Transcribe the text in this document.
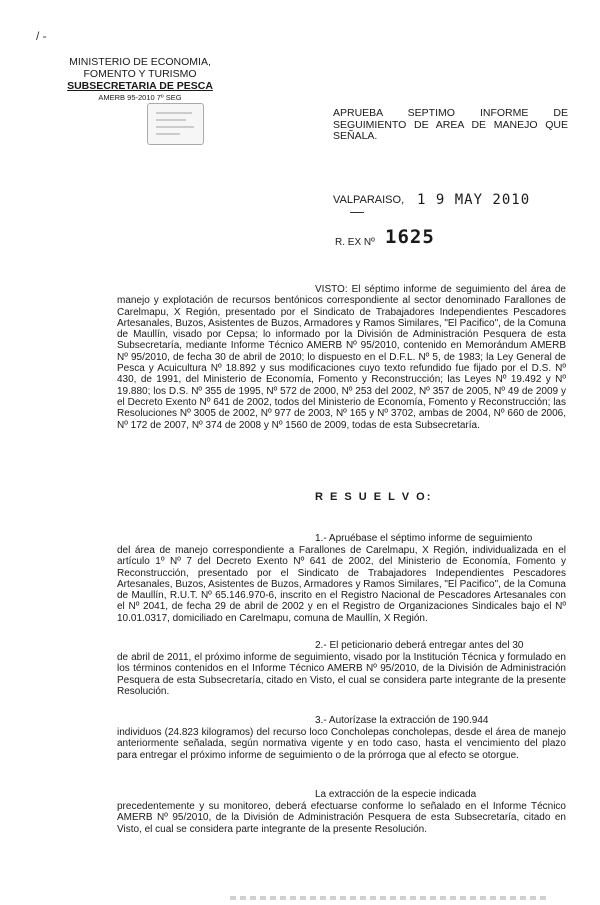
/ -
MINISTERIO DE ECONOMIA,
FOMENTO Y TURISMO
SUBSECRETARIA DE PESCA
AMERB 95-2010 7º SEG
APRUEBA SEPTIMO INFORME DE SEGUIMIENTO DE AREA DE MANEJO QUE SEÑALA.
VALPARAISO, 1 9 MAY 2010
R. EX Nº 1625
VISTO: El séptimo informe de seguimiento del área de manejo y explotación de recursos bentónicos correspondiente al sector denominado Farallones de Carelmapu, X Región, presentado por el Sindicato de Trabajadores Independientes Pescadores Artesanales, Buzos, Asistentes de Buzos, Armadores y Ramos Similares, "El Pacifico", de la Comuna de Maullín, visado por Cepsa; lo informado por la División de Administración Pesquera de esta Subsecretaría, mediante Informe Técnico AMERB Nº 95/2010, contenido en Memorándum AMERB Nº 95/2010, de fecha 30 de abril de 2010; lo dispuesto en el D.F.L. Nº 5, de 1983; la Ley General de Pesca y Acuicultura Nº 18.892 y sus modificaciones cuyo texto refundido fue fijado por el D.S. Nº 430, de 1991, del Ministerio de Economía, Fomento y Reconstrucción; las Leyes Nº 19.492 y Nº 19.880; los D.S. Nº 355 de 1995, Nº 572 de 2000, Nº 253 del 2002, Nº 357 de 2005, Nº 49 de 2009 y el Decreto Exento Nº 641 de 2002, todos del Ministerio de Economía, Fomento y Reconstrucción; las Resoluciones Nº 3005 de 2002, Nº 977 de 2003, Nº 165 y Nº 3702, ambas de 2004, Nº 660 de 2006, Nº 172 de 2007, Nº 374 de 2008 y Nº 1560 de 2009, todas de esta Subsecretaría.
R E S U E L V O:
1.- Apruébase el séptimo informe de seguimiento
del área de manejo correspondiente a Farallones de Carelmapu, X Región, individualizada en el artículo 1º Nº 7 del Decreto Exento Nº 641 de 2002, del Ministerio de Economía, Fomento y Reconstrucción, presentado por el Sindicato de Trabajadores Independientes Pescadores Artesanales, Buzos, Asistentes de Buzos, Armadores y Ramos Similares, "El Pacifico", de la Comuna de Maullín, R.U.T. Nº 65.146.970-6, inscrito en el Registro Nacional de Pescadores Artesanales con el Nº 2041, de fecha 29 de abril de 2002 y en el Registro de Organizaciones Sindicales bajo el Nº 10.01.0317, domiciliado en Carelmapu, comuna de Maullín, X Región.
2.- El peticionario deberá entregar antes del 30
de abril de 2011, el próximo informe de seguimiento, visado por la Institución Técnica y formulado en los términos contenidos en el Informe Técnico AMERB Nº 95/2010, de la División de Administración Pesquera de esta Subsecretaría, citado en Visto, el cual se considera parte integrante de la presente Resolución.
3.- Autorízase la extracción de 190.944
individuos (24.823 kilogramos) del recurso loco Concholepas concholepas, desde el área de manejo anteriormente señalada, según normativa vigente y en todo caso, hasta el vencimiento del plazo para entregar el próximo informe de seguimiento o de la prórroga que al efecto se otorgue.
La extracción de la especie indicada
precedentemente y su monitoreo, deberá efectuarse conforme lo señalado en el Informe Técnico AMERB Nº 95/2010, de la División de Administración Pesquera de esta Subsecretaría, citado en Visto, el cual se considera parte integrante de la presente Resolución.
